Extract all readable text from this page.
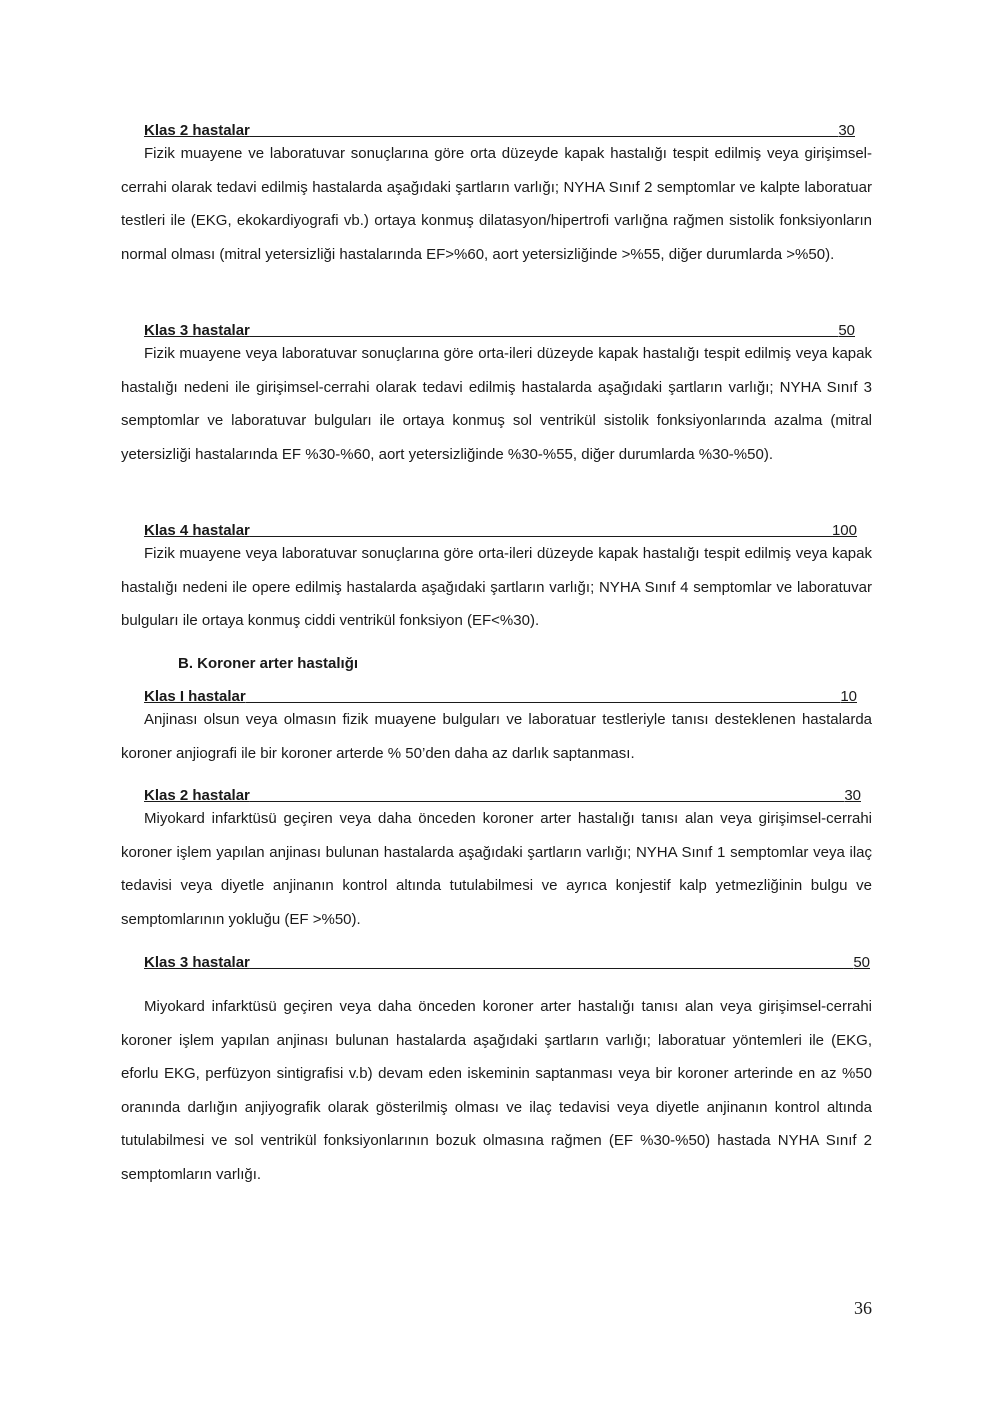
Klas 2 hastalar	30

Fizik muayene ve laboratuvar sonuçlarına göre orta düzeyde kapak hastalığı tespit edilmiş veya girişimsel-cerrahi olarak tedavi edilmiş hastalarda aşağıdaki şartların varlığı; NYHA Sınıf 2 semptomlar ve kalpte laboratuar testleri ile (EKG, ekokardiyografi vb.) ortaya konmuş dilatasyon/hipertrofi varlığna rağmen sistolik fonksiyonların normal olması (mitral yetersizliği hastalarında EF>%60, aort yetersizliğinde >%55, diğer durumlarda >%50).

Klas 3 hastalar	50

Fizik muayene veya laboratuvar sonuçlarına göre orta-ileri düzeyde kapak hastalığı tespit edilmiş veya kapak hastalığı nedeni ile girişimsel-cerrahi olarak tedavi edilmiş hastalarda aşağıdaki şartların varlığı; NYHA Sınıf 3 semptomlar ve laboratuvar bulguları ile ortaya konmuş sol ventrikül sistolik fonksiyonlarında azalma (mitral yetersizliği hastalarında EF %30-%60, aort yetersizliğinde %30-%55, diğer durumlarda %30-%50).

Klas 4 hastalar	100

Fizik muayene veya laboratuvar sonuçlarına göre orta-ileri düzeyde kapak hastalığı tespit edilmiş veya kapak hastalığı nedeni ile opere edilmiş hastalarda aşağıdaki şartların varlığı; NYHA Sınıf 4 semptomlar ve laboratuvar bulguları ile ortaya konmuş ciddi ventrikül fonksiyon (EF<%30).

B. Koroner arter hastalığı
Klas I hastalar	10

Anjinası olsun veya olmasın fizik muayene bulguları ve laboratuar testleriyle tanısı desteklenen hastalarda koroner anjiografi ile bir koroner arterde % 50’den daha az darlık saptanması.

Klas 2 hastalar	30

Miyokard infarktüsü geçiren veya daha önceden koroner arter hastalığı tanısı alan veya girişimsel-cerrahi koroner işlem yapılan anjinası bulunan hastalarda aşağıdaki şartların varlığı; NYHA Sınıf 1 semptomlar veya ilaç tedavisi veya diyetle anjinanın kontrol altında tutulabilmesi ve ayrıca konjestif kalp yetmezliğinin bulgu ve semptomlarının yokluğu (EF >%50).

Klas 3 hastalar	50

Miyokard infarktüsü geçiren veya daha önceden koroner arter hastalığı tanısı alan veya girişimsel-cerrahi koroner işlem yapılan anjinası bulunan hastalarda aşağıdaki şartların varlığı; laboratuar yöntemleri ile (EKG, eforlu EKG, perfüzyon sintigrafisi v.b) devam eden iskeminin saptanması veya bir koroner arterinde en az %50 oranında darlığın anjiyografik olarak gösterilmiş olması ve ilaç tedavisi veya diyetle anjinanın kontrol altında tutulabilmesi ve sol ventrikül fonksiyonlarının bozuk olmasına rağmen (EF %30-%50) hastada NYHA Sınıf 2 semptomların varlığı.

36
